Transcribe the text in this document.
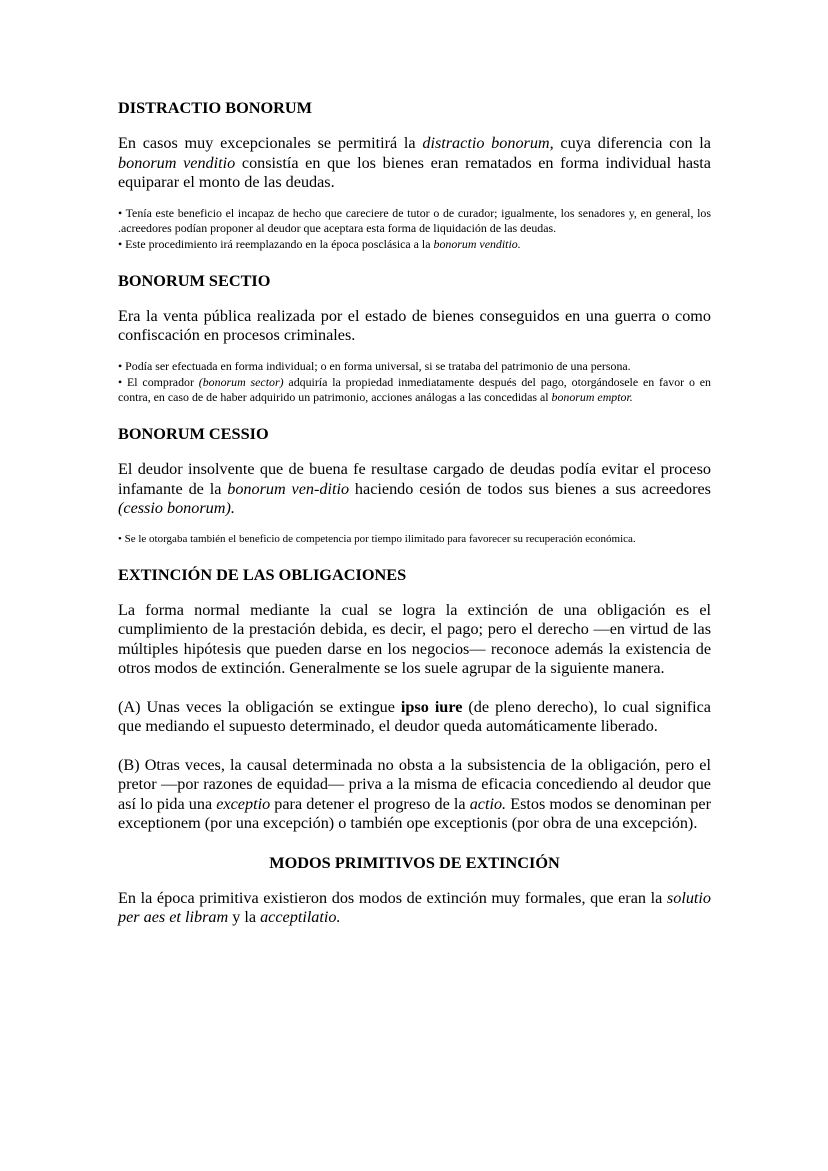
DISTRACTIO BONORUM

En casos muy excepcionales se permitirá la distractio bonorum, cuya diferencia con la bonorum venditio consistía en que los bienes eran rematados en forma individual hasta equiparar el monto de las deudas.

• Tenía este beneficio el incapaz de hecho que careciere de tutor o de curador; igualmente, los senadores y, en general, los .acreedores podían proponer al deudor que aceptara esta forma de liquidación de las deudas.

• Este procedimiento irá reemplazando en la época posclásica a la bonorum venditio.

BONORUM SECTIO

Era la venta pública realizada por el estado de bienes conseguidos en una guerra o como confiscación en procesos criminales.

• Podía ser efectuada en forma individual; o en forma universal, si se trataba del patrimonio de una persona.

• El comprador (bonorum sector) adquiría la propiedad inmediatamente después del pago, otorgándosele en favor o en contra, en caso de de haber adquirido un patrimonio, acciones análogas a las concedidas al bonorum emptor.

BONORUM CESSIO

El deudor insolvente que de buena fe resultase cargado de deudas podía evitar el proceso infamante de la bonorum ven-ditio haciendo cesión de todos sus bienes a sus acreedores (cessio bonorum).

• Se le otorgaba también el beneficio de competencia por tiempo ilimitado para favorecer su recuperación económica.

EXTINCIÓN DE LAS OBLIGACIONES

La forma normal mediante la cual se logra la extinción de una obligación es el cumplimiento de la prestación debida, es decir, el pago; pero el derecho —en virtud de las múltiples hipótesis que pueden darse en los negocios— reconoce además la existencia de otros modos de extinción. Generalmente se los suele agrupar de la siguiente manera.

(A) Unas veces la obligación se extingue ipso iure (de pleno derecho), lo cual significa que mediando el supuesto determinado, el deudor queda automáticamente liberado.

(B) Otras veces, la causal determinada no obsta a la subsistencia de la obligación, pero el pretor —por razones de equidad— priva a la misma de eficacia concediendo al deudor que así lo pida una exceptio para detener el progreso de la actio. Estos modos se denominan per exceptionem (por una excepción) o también ope exceptionis (por obra de una excepción).

MODOS PRIMITIVOS DE EXTINCIÓN

En la época primitiva existieron dos modos de extinción muy formales, que eran la solutio per aes et libram y la acceptilatio.
